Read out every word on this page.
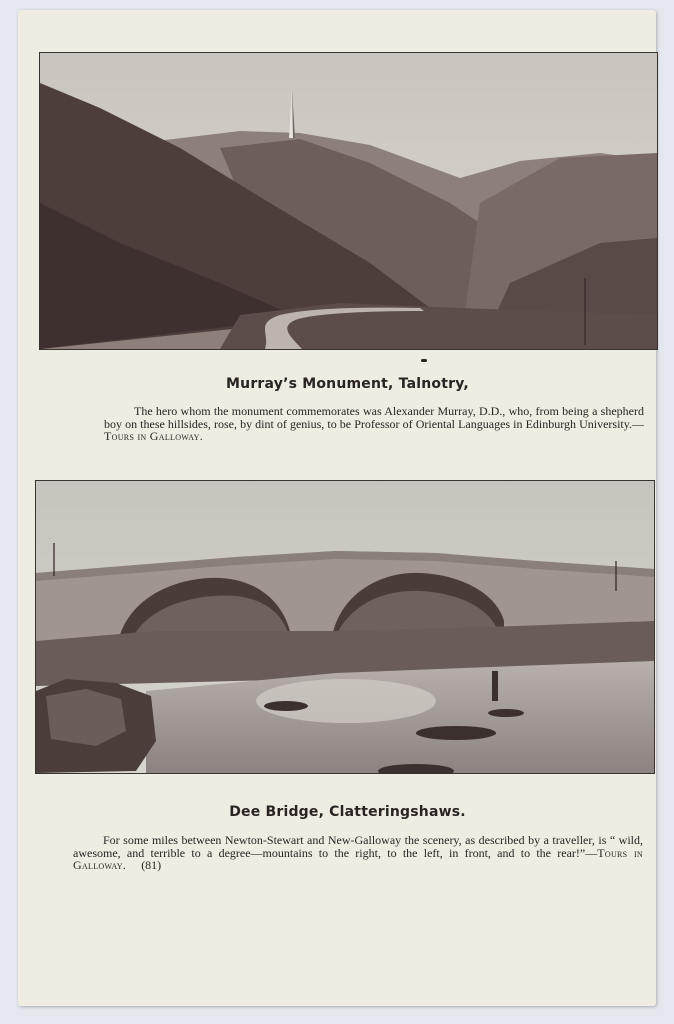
Murray’s Monument, Talnotry,

The hero whom the monument commemorates was Alexander Murray, D.D., who, from being a shepherd boy on these hillsides, rose, by dint of genius, to be Professor of Oriental Languages in Edinburgh University.—Tours in Galloway.

Dee Bridge, Clatteringshaws.

For some miles between Newton-Stewart and New-Galloway the scenery, as described by a traveller, is “ wild, awesome, and terrible to a degree—mountains to the right, to the left, in front, and to the rear!”—Tours in Galloway. (81)
